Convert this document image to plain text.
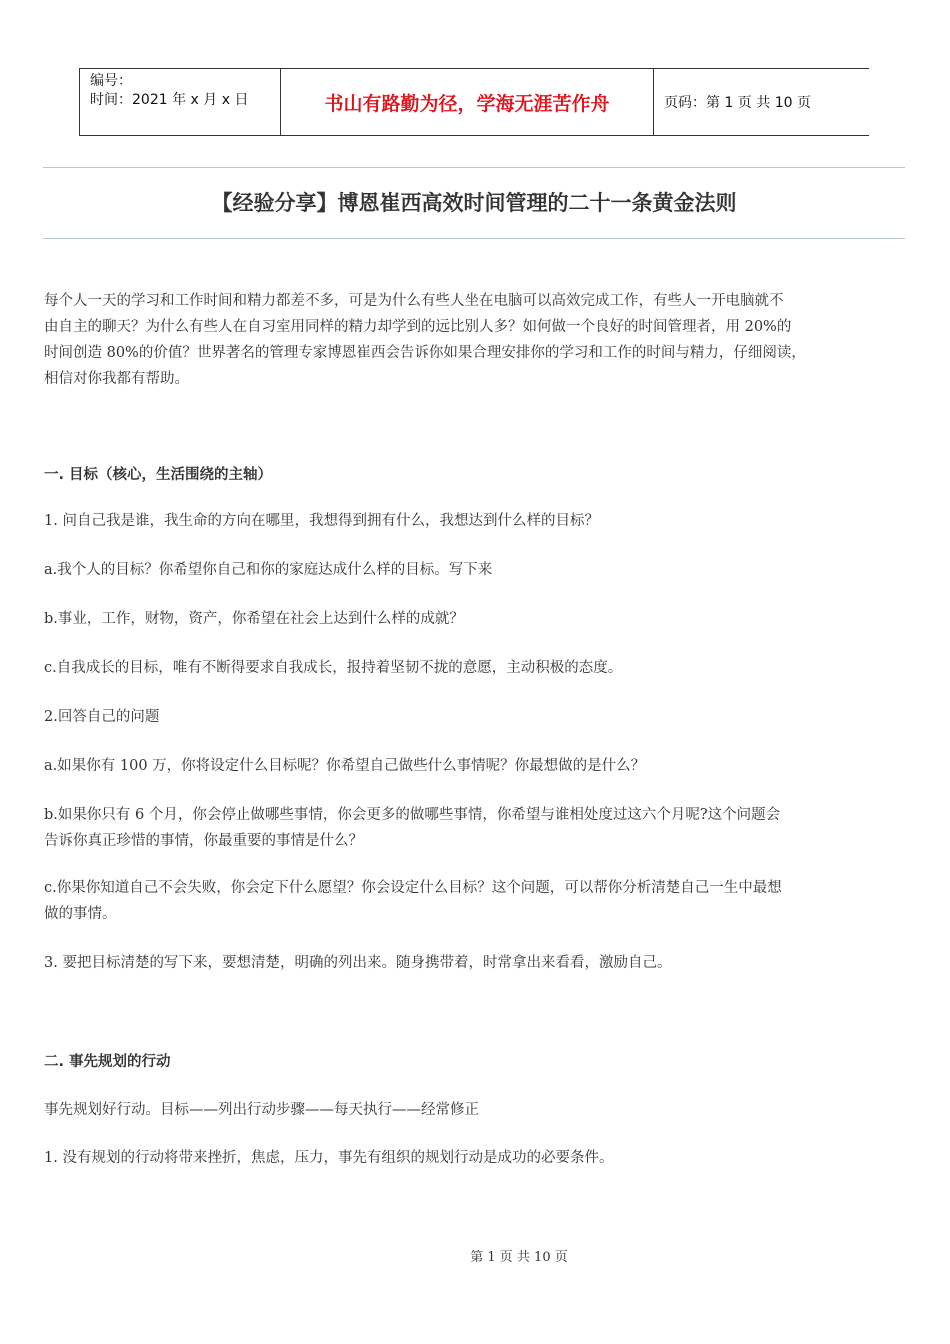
编号：
时间：2021 年 x 月 x 日	书山有路勤为径，学海无涯苦作舟	页码：第 1 页 共 10 页
【经验分享】博恩崔西高效时间管理的二十一条黄金法则
每个人一天的学习和工作时间和精力都差不多，可是为什么有些人坐在电脑可以高效完成工作，有些人一开电脑就不
由自主的聊天？为什么有些人在自习室用同样的精力却学到的远比别人多？如何做一个良好的时间管理者，用 20%的
时间创造 80%的价值？世界著名的管理专家博恩崔西会告诉你如果合理安排你的学习和工作的时间与精力，仔细阅读，
相信对你我都有帮助。
一. 目标（核心，生活围绕的主轴）
1. 问自己我是谁，我生命的方向在哪里，我想得到拥有什么，我想达到什么样的目标？
a.我个人的目标？你希望你自己和你的家庭达成什么样的目标。写下来
b.事业，工作，财物，资产，你希望在社会上达到什么样的成就？
c.自我成长的目标，唯有不断得要求自我成长，报持着坚韧不拢的意愿，主动积极的态度。
2.回答自己的问题
a.如果你有 100 万，你将设定什么目标呢？你希望自己做些什么事情呢？你最想做的是什么？
b.如果你只有 6 个月，你会停止做哪些事情，你会更多的做哪些事情，你希望与谁相处度过这六个月呢?这个问题会
告诉你真正珍惜的事情，你最重要的事情是什么？
c.你果你知道自己不会失败，你会定下什么愿望？你会设定什么目标？这个问题，可以帮你分析清楚自己一生中最想
做的事情。
3. 要把目标清楚的写下来，要想清楚，明确的列出来。随身携带着，时常拿出来看看，激励自己。
二. 事先规划的行动
事先规划好行动。目标——列出行动步骤——每天执行——经常修正
1. 没有规划的行动将带来挫折，焦虑，压力，事先有组织的规划行动是成功的必要条件。
第 1 页 共 10 页
